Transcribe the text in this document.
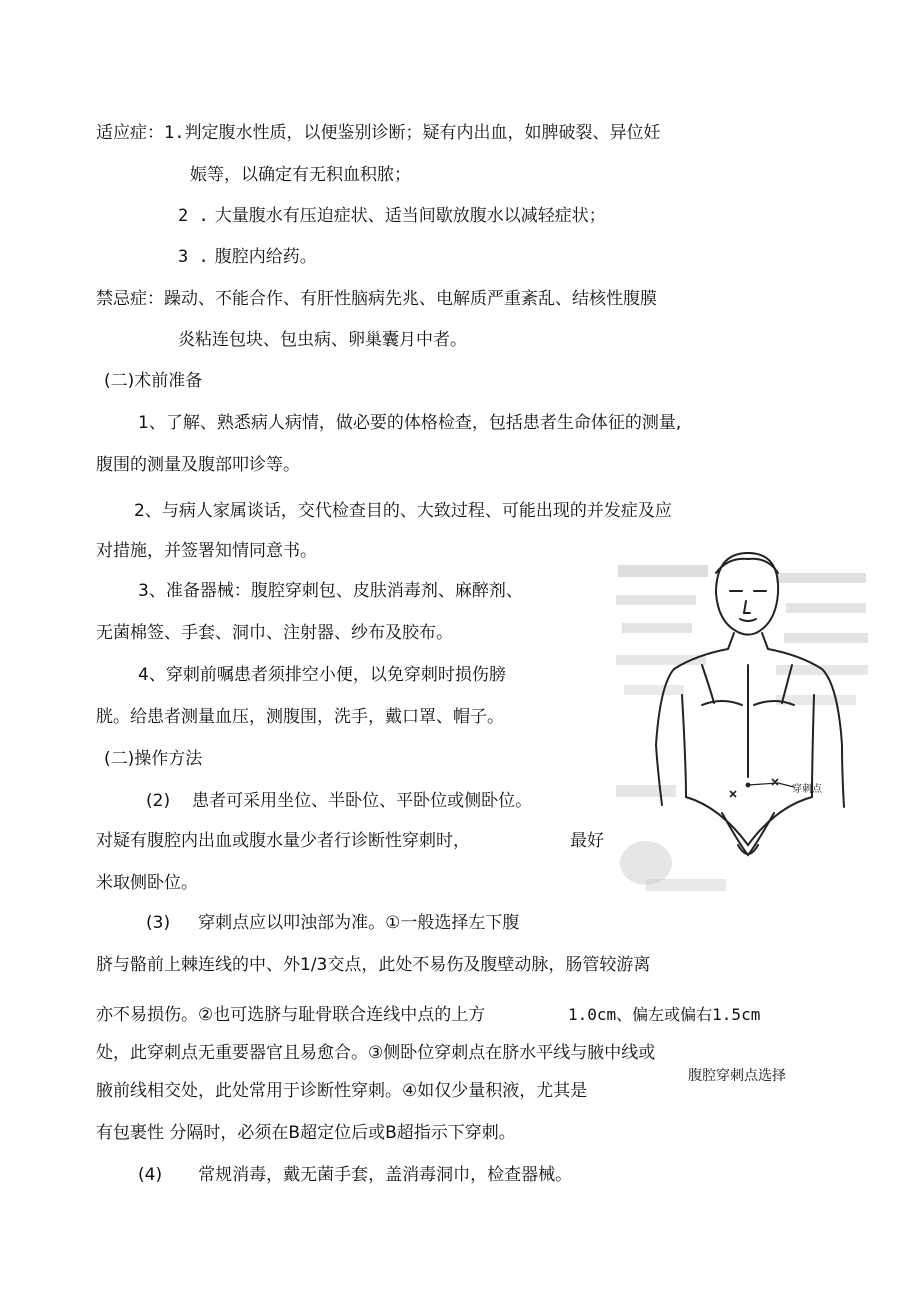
适应症：1.判定腹水性质，以便鉴别诊断；疑有内出血，如脾破裂、异位妊
娠等，以确定有无积血积脓；
2 . 大量腹水有压迫症状、适当间歇放腹水以减轻症状；
3 . 腹腔内给药。
禁忌症：躁动、不能合作、有肝性脑病先兆、电解质严重紊乱、结核性腹膜
炎粘连包块、包虫病、卵巢囊月中者。
(二)术前准备
1、了解、熟悉病人病情，做必要的体格检查，包括患者生命体征的测量,
腹围的测量及腹部叩诊等。
2、与病人家属谈话，交代检查目的、大致过程、可能出现的并发症及应
对措施，并签署知情同意书。
3、准备器械：腹腔穿刺包、皮肤消毒剂、麻醉剂、
无菌棉签、手套、洞巾、注射器、纱布及胶布。
4、穿刺前嘱患者须排空小便，以免穿刺时损伤膀
胱。给患者测量血压，测腹围，洗手，戴口罩、帽子。
(二)操作方法
(2) 患者可采用坐位、半卧位、平卧位或侧卧位。
对疑有腹腔内出血或腹水量少者行诊断性穿刺时，	最好
米取侧卧位。
(3) 穿刺点应以叩浊部为准。①一般选择左下腹
脐与骼前上棘连线的中、外1/3交点，此处不易伤及腹壁动脉，肠管较游离
亦不易损伤。②也可选脐与耻骨联合连线中点的上方	1.0cm、偏左或偏右1.5cm
处，此穿刺点无重要器官且易愈合。③侧卧位穿刺点在脐水平线与腋中线或
腋前线相交处，此处常用于诊断性穿刺。④如仅少量积液，尤其是
有包裹性 分隔时，必须在B超定位后或B超指示下穿刺。
(4) 常规消毒，戴无菌手套，盖消毒洞巾，检查器械。
穿刺点
腹腔穿刺点选择
